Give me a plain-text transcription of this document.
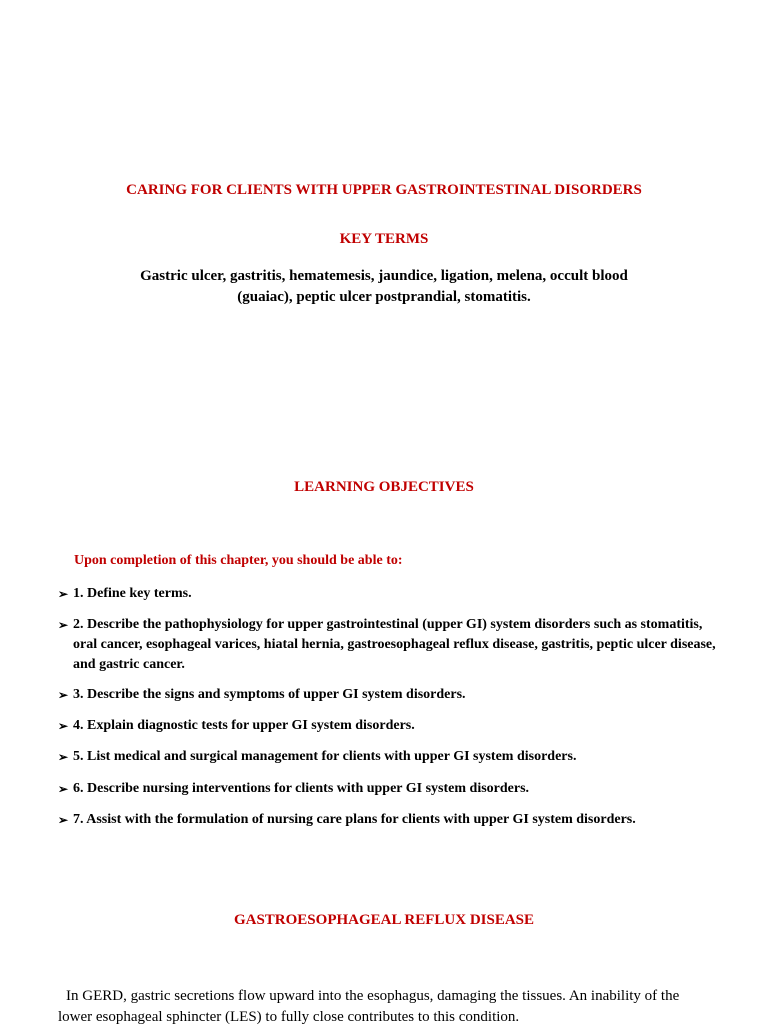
CARING FOR CLIENTS WITH UPPER GASTROINTESTINAL DISORDERS
KEY TERMS
Gastric ulcer, gastritis, hematemesis, jaundice, ligation, melena, occult blood
(guaiac), peptic ulcer postprandial, stomatitis.
LEARNING OBJECTIVES
Upon completion of this chapter, you should be able to:
➢ 1. Define key terms.
➢ 2. Describe the pathophysiology for upper gastrointestinal (upper GI) system disorders such as stomatitis, oral cancer, esophageal varices, hiatal hernia, gastroesophageal reflux disease, gastritis, peptic ulcer disease, and gastric cancer.
➢ 3. Describe the signs and symptoms of upper GI system disorders.
➢ 4. Explain diagnostic tests for upper GI system disorders.
➢ 5. List medical and surgical management for clients with upper GI system disorders.
➢ 6. Describe nursing interventions for clients with upper GI system disorders.
➢ 7. Assist with the formulation of nursing care plans for clients with upper GI system disorders.
GASTROESOPHAGEAL REFLUX DISEASE
In GERD, gastric secretions flow upward into the esophagus, damaging the tissues. An inability of the lower esophageal sphincter (LES) to fully close contributes to this condition.
